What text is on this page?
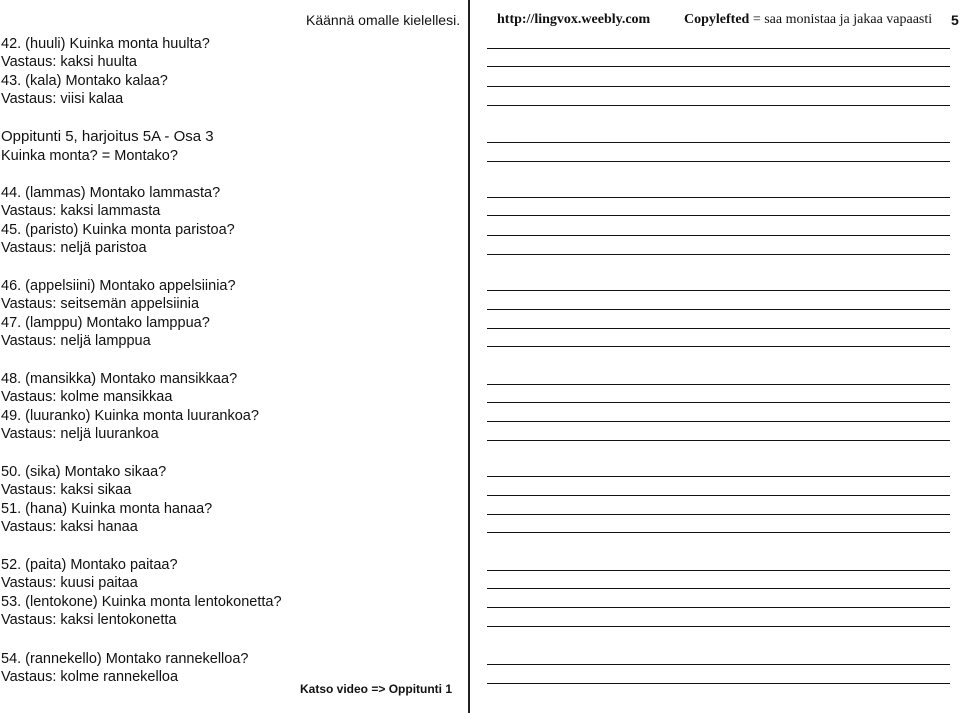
42. (huuli) Kuinka monta huulta?
Vastaus: kaksi huulta
43. (kala) Montako kalaa?
Vastaus: viisi kalaa
Oppitunti 5, harjoitus 5A - Osa 3
Kuinka monta? = Montako?
44. (lammas) Montako lammasta?
Vastaus: kaksi lammasta
45. (paristo) Kuinka monta paristoa?
Vastaus: neljä paristoa
46. (appelsiini) Montako appelsiinia?
Vastaus: seitsemän appelsiinia
47. (lamppu) Montako lamppua?
Vastaus: neljä lamppua
48. (mansikka) Montako mansikkaa?
Vastaus: kolme mansikkaa
49. (luuranko) Kuinka monta luurankoa?
Vastaus: neljä luurankoa
50. (sika) Montako sikaa?
Vastaus: kaksi sikaa
51. (hana) Kuinka monta hanaa?
Vastaus: kaksi hanaa
52. (paita) Montako paitaa?
Vastaus: kuusi paitaa
53. (lentokone) Kuinka monta lentokonetta?
Vastaus: kaksi lentokonetta
54. (rannekello) Montako rannekelloa?
Vastaus: kolme rannekelloa
Käännä omalle kielellesi.	http://lingvox.weebly.com Copylefted = saa monistaa ja jakaa vapaasti 5
Katso video => Oppitunti 1
